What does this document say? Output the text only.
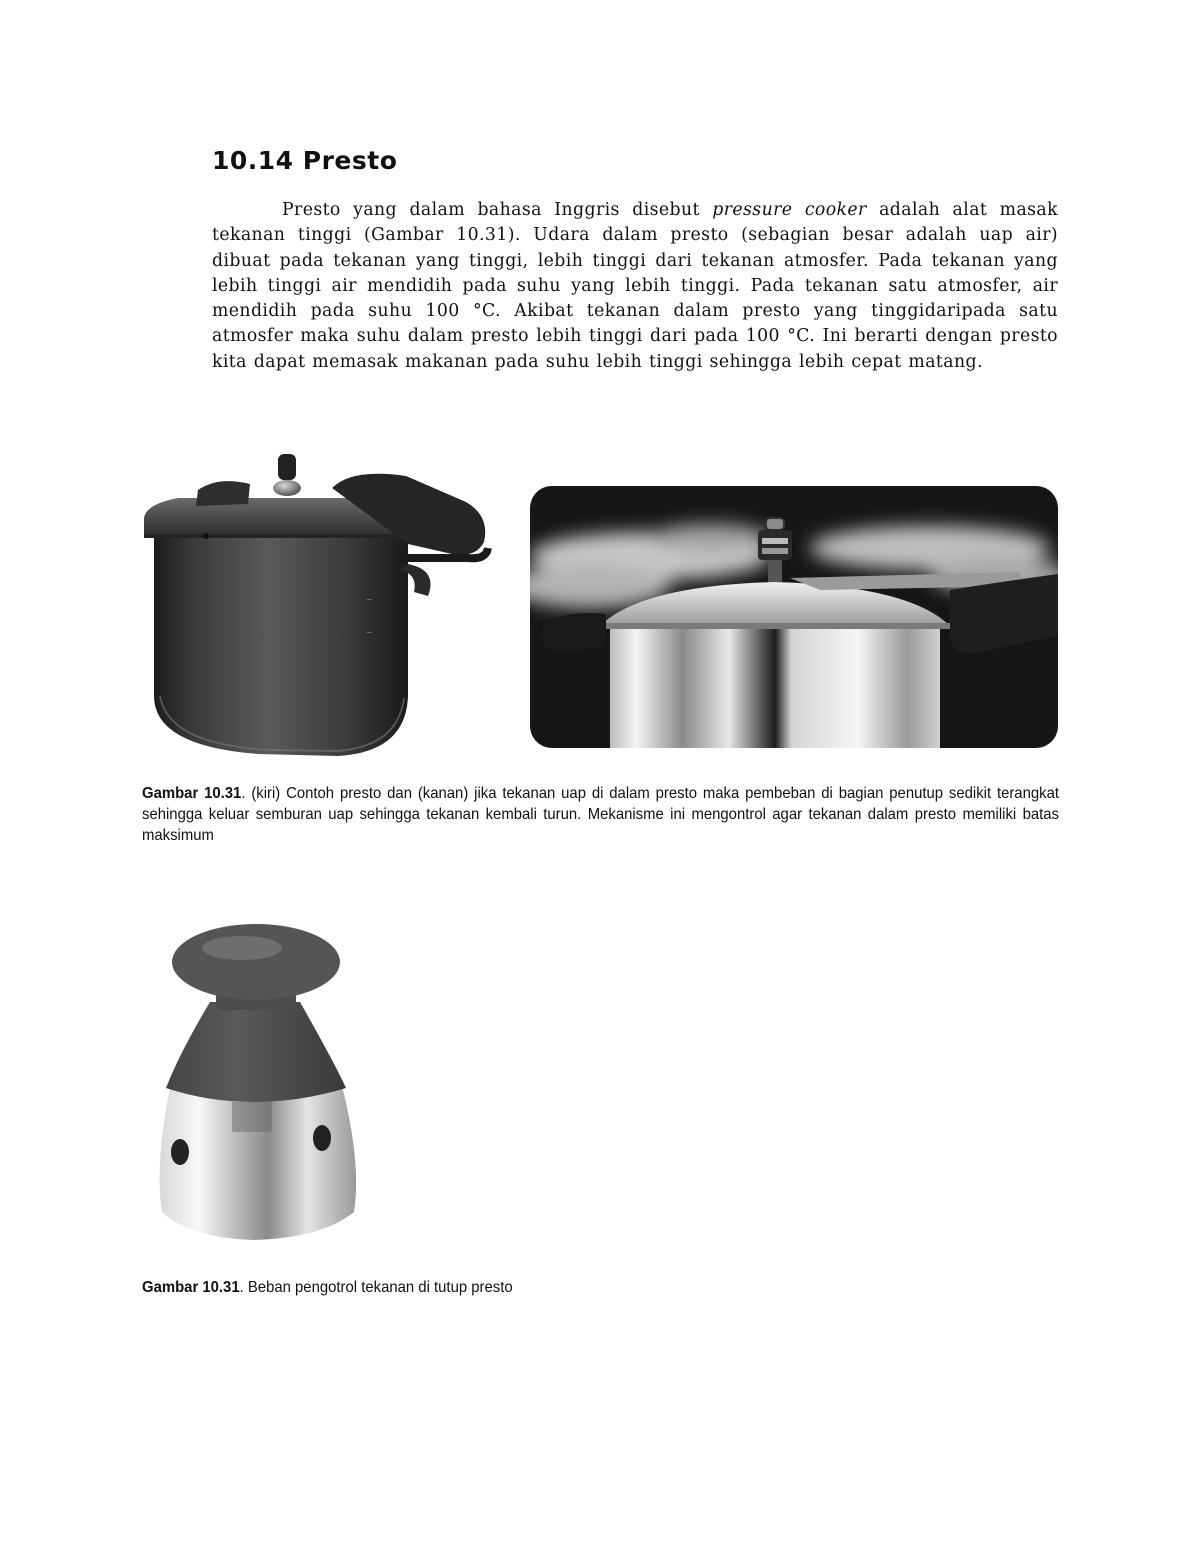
10.14 Presto

Presto yang dalam bahasa Inggris disebut pressure cooker adalah alat masak tekanan tinggi (Gambar 10.31). Udara dalam presto (sebagian besar adalah uap air) dibuat pada tekanan yang tinggi, lebih tinggi dari tekanan atmosfer. Pada tekanan yang lebih tinggi air mendidih pada suhu yang lebih tinggi. Pada tekanan satu atmosfer, air mendidih pada suhu 100 °C. Akibat tekanan dalam presto yang tinggidaripada satu atmosfer maka suhu dalam presto lebih tinggi dari pada 100 °C. Ini berarti dengan presto kita dapat memasak makanan pada suhu lebih tinggi sehingga lebih cepat matang.

—
—

Gambar 10.31. (kiri) Contoh presto dan (kanan) jika tekanan uap di dalam presto maka pembeban di bagian penutup sedikit terangkat sehingga keluar semburan uap sehingga tekanan kembali turun. Mekanisme ini mengontrol agar tekanan dalam presto memiliki batas maksimum

Gambar 10.31. Beban pengotrol tekanan di tutup presto
